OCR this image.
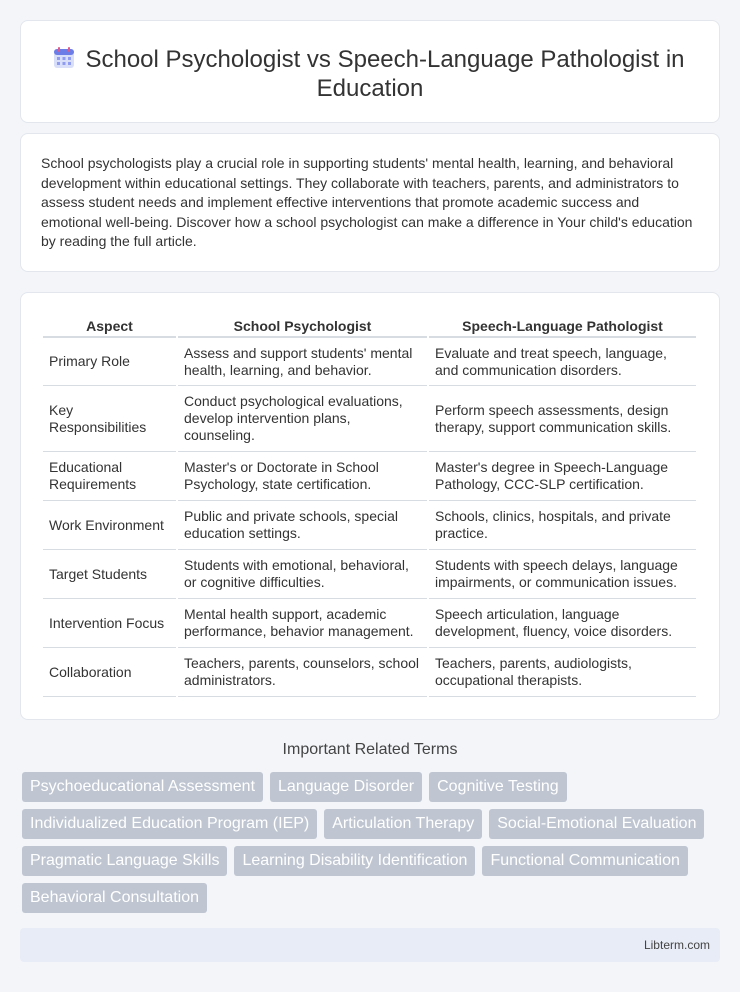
School Psychologist vs Speech-Language Pathologist in Education

School psychologists play a crucial role in supporting students' mental health, learning, and behavioral development within educational settings. They collaborate with teachers, parents, and administrators to assess student needs and implement effective interventions that promote academic success and emotional well-being. Discover how a school psychologist can make a difference in Your child's education by reading the full article.

Aspect	School Psychologist	Speech-Language Pathologist
Primary Role	Assess and support students' mental health, learning, and behavior.	Evaluate and treat speech, language, and communication disorders.
Key Responsibilities	Conduct psychological evaluations, develop intervention plans, counseling.	Perform speech assessments, design therapy, support communication skills.
Educational Requirements	Master's or Doctorate in School Psychology, state certification.	Master's degree in Speech-Language Pathology, CCC-SLP certification.
Work Environment	Public and private schools, special education settings.	Schools, clinics, hospitals, and private practice.
Target Students	Students with emotional, behavioral, or cognitive difficulties.	Students with speech delays, language impairments, or communication issues.
Intervention Focus	Mental health support, academic performance, behavior management.	Speech articulation, language development, fluency, voice disorders.
Collaboration	Teachers, parents, counselors, school administrators.	Teachers, parents, audiologists, occupational therapists.
Important Related Terms
Psychoeducational Assessment	Language Disorder	Cognitive Testing
Individualized Education Program (IEP)	Articulation Therapy	Social-Emotional Evaluation
Pragmatic Language Skills	Learning Disability Identification	Functional Communication
Behavioral Consultation
Libterm.com
